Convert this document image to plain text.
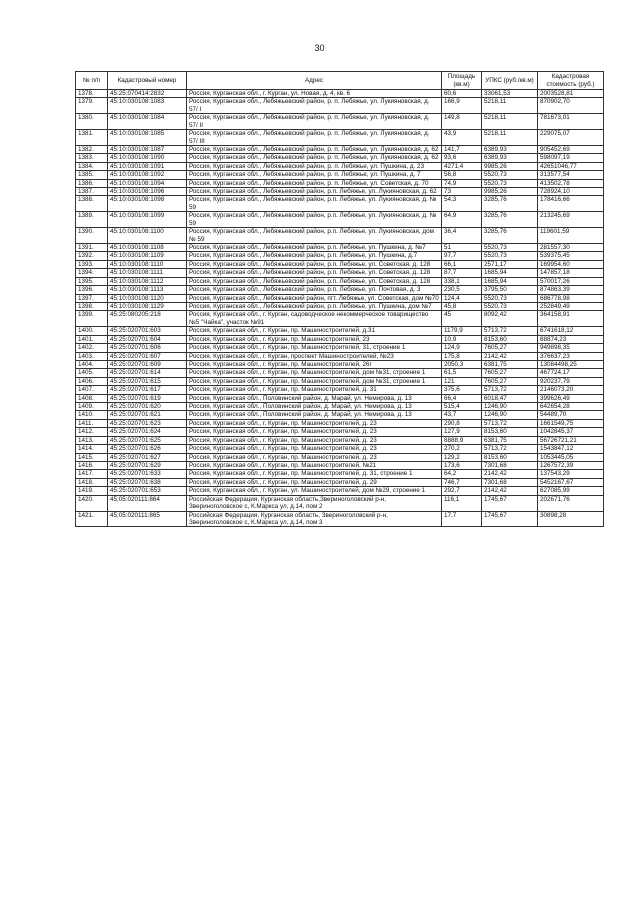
30
№ п/п	Кадастровый номер	Адрес	Площадь (кв.м)	УПКС (руб./кв.м)	Кадастровая стоимость (руб.)
1378.	45:25:070414:2832	Россия, Курганская обл., г. Курган, ул. Новая, д. 4, кв. 6	60,6	33061,53	2003528,81
1379.	45:10:030108:1083	Россия, Курганская обл., Лебяжьевский район, р. п. Лебяжье, ул. Лукияновская, д. 57/ I	166,9	5218,11	870902,70
1380.	45:10:030108:1084	Россия, Курганская обл., Лебяжьевский район, р. п. Лебяжье, ул. Лукияновская, д. 57/ II	149,8	5218,11	781673,01
1381.	45:10:030108:1085	Россия, Курганская обл., Лебяжьевский район, р. п. Лебяжье, ул. Лукияновская, д. 57/ III	43,9	5218,11	229075,07
1382.	45:10:030108:1087	Россия, Курганская обл., Лебяжьевский район, р. п. Лебяжье, ул. Лукияновская, д. 62	141,7	6389,93	905452,69
1383.	45:10:030108:1090	Россия, Курганская обл., Лебяжьевский район, р. п. Лебяжье, ул. Лукияновская, д. 62	93,6	6389,93	598097,19
1384.	45:10:030108:1091	Россия, Курганская обл., Лебяжьевский район, р. п. Лебяжье, ул. Пушкина, д. 23	4271,4	9985,26	42651046,77
1385.	45:10:030108:1092	Россия, Курганская обл., Лебяжьевский район, р. п. Лебяжье, ул. Пушкина, д. 7	56,8	5520,73	313577,54
1386.	45:10:030108:1094	Россия, Курганская обл., Лебяжьевский район, р. п. Лебяжье, ул. Советская, д. 70	74,9	5520,73	413502,78
1387.	45:10:030108:1096	Россия, Курганская обл., Лебяжьевский район, р.п. Лебяжье, ул. Лукияновская, д. 62	73	9985,26	728924,10
1388.	45:10:030108:1098	Россия, Курганская обл., Лебяжьевский район, р.п. Лебяжье, ул. Лукияновская, д. № 59	54,3	3285,76	178416,66
1389.	45:10:030108:1099	Россия, Курганская обл., Лебяжьевский район, р.п. Лебяжье, ул. Лукияновская, д. № 59	64,9	3285,76	213245,69
1390.	45:10:030108:1100	Россия, Курганская обл., Лебяжьевский район, р.п. Лебяжье, ул. Лукияновская, дом № 59	36,4	3285,76	119601,59
1391.	45:10:030108:1108	Россия, Курганская обл., Лебяжьевский район, р.п. Лебяжье, ул. Пушкина, д. №7	51	5520,73	281557,30
1392.	45:10:030108:1109	Россия, Курганская обл., Лебяжьевский район, р.п. Лебяжье, ул. Пушкина, д.7	97,7	5520,73	539375,45
1393.	45:10:030108:1110	Россия, Курганская обл., Лебяжьевский район, р.п. Лебяжье, ул. Советская, д. 128	66,1	2571,17	169954,60
1394.	45:10:030108:1111	Россия, Курганская обл., Лебяжьевский район, р.п. Лебяжье, ул. Советская, д. 128	87,7	1685,94	147857,18
1395.	45:10:030108:1112	Россия, Курганская обл., Лебяжьевский район, р.п. Лебяжье, ул. Советская, д. 128	338,1	1685,94	570017,26
1396.	45:10:030108:1113	Россия, Курганская обл., Лебяжьевский район, р.п. Лебяжье, ул. Почтовая, д. 3	230,5	3795,50	874863,39
1397.	45:10:030108:1120	Россия, Курганская обл., Лебяжьевский район, пгт. Лебяжье, ул. Советская, дом №70	124,4	5520,73	686778,98
1398.	45:10:030108:1129	Россия, Курганская обл., Лебяжьевский район, р.п. Лебяжье, ул. Пушкина, дом №7	45,8	5520,73	252849,49
1399.	45:25:080205:218	Россия, Курганская обл., г. Курган, садоводческое некоммерческое товарищество №5 "Чайка", участок №91	45	8092,42	364158,91
1400.	45:25:020701:603	Россия, Курганская обл., г. Курган, пр. Машиностроителей, д.31	1179,9	5713,72	6741618,12
1401.	45:25:020701:604	Россия, Курганская обл., г. Курган, пр. Машиностроителей, 23	10,9	8153,60	88874,23
1402.	45:25:020701:606	Россия, Курганская обл., г. Курган, пр. Машиностроителей, 31, строение 1	124,9	7605,27	949898,35
1403.	45:25:020701:607	Россия, Курганская обл., г. Курган, проспект Машиностроителей, №23	175,8	2142,42	376637,23
1404.	45:25:020701:609	Россия, Курганская обл., г. Курган, пр. Машиностроителей, 26г	2050,3	6381,75	13084498,25
1405.	45:25:020701:614	Россия, Курганская обл., г. Курган, пр. Машиностроителей, дом №31, строение 1	61,5	7605,27	467724,17
1406.	45:25:020701:615	Россия, Курганская обл., г. Курган, пр. Машиностроителей, дом №31, строение 1	121	7605,27	920237,79
1407.	45:25:020701:617	Россия, Курганская обл., г. Курган, пр. Машиностроителей, д. 31	375,6	5713,72	2146073,20
1408.	45:25:020701:619	Россия, Курганская обл., Половинский район, д. Марай, ул. Немирова, д. 13	66,4	6018,47	399626,49
1409.	45:25:020701:620	Россия, Курганская обл., Половинский район, д. Марай, ул. Немирова, д. 13	515,4	1246,90	642654,28
1410.	45:25:020701:621	Россия, Курганская обл., Половинский район, д. Марай, ул. Немирова, д. 13	43,7	1246,90	54489,70
1411.	45:25:020701:623	Россия, Курганская обл., г. Курган, пр. Машиностроителей, д. 23	290,8	5713,72	1661549,75
1412.	45:25:020701:624	Россия, Курганская обл., г. Курган, пр. Машиностроителей, д. 23	127,9	8153,60	1042845,37
1413.	45:25:020701:625	Россия, Курганская обл., г. Курган, пр. Машиностроителей, д. 23	8888,9	6381,75	56726721,21
1414.	45:25:020701:626	Россия, Курганская обл., г. Курган, пр. Машиностроителей, д. 23	270,2	5713,72	1543847,12
1415.	45:25:020701:627	Россия, Курганская обл., г. Курган, пр. Машиностроителей, д. 23	129,2	8153,60	1053445,05
1416.	45:25:020701:629	Россия, Курганская обл., г. Курган, пр. Машиностроителей, №21	173,6	7301,68	1267572,39
1417.	45:25:020701:633	Россия, Курганская обл., г. Курган, пр. Машиностроителей, д. 31, строение 1	64,2	2142,42	137543,29
1418.	45:25:020701:638	Россия, Курганская обл., г. Курган, пр. Машиностроителей, д. 29	746,7	7301,68	5452167,67
1419.	45:25:020701:653	Россия, Курганская обл., г. Курган, ул. Машиностроителей, дом №29, строение 1	292,7	2142,42	627085,99
1420.	45:05:020111:864	Российская Федерация, Курганская область,Звериноголовский р-н, Звериноголовское с, К.Маркса ул, д.14, пом 2	116,1	1745,67	202671,76
1421.	45:05:020111:865	Российская Федерация, Курганская область, Звериноголовский р-н, Звериноголовское с, К.Маркса ул, д.14, пом 3	17,7	1745,67	30898,28
